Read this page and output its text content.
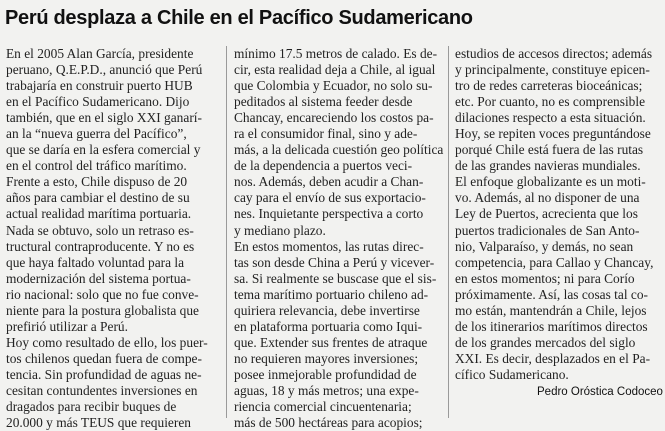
Perú desplaza a Chile en el Pacífico Sudamericano
En el 2005 Alan García, presidente
peruano, Q.E.P.D., anunció que Perú
trabajaría en construir puerto HUB
en el Pacífico Sudamericano. Dijo
también, que en el siglo XXI ganarí-
an la “nueva guerra del Pacífico”,
que se daría en la esfera comercial y
en el control del tráfico marítimo.
Frente a esto, Chile dispuso de 20
años para cambiar el destino de su
actual realidad marítima portuaria.
Nada se obtuvo, solo un retraso es-
tructural contraproducente. Y no es
que haya faltado voluntad para la
modernización del sistema portua-
rio nacional: solo que no fue conve-
niente para la postura globalista que
prefirió utilizar a Perú.
Hoy como resultado de ello, los puer-
tos chilenos quedan fuera de compe-
tencia. Sin profundidad de aguas ne-
cesitan contundentes inversiones en
dragados para recibir buques de
20.000 y más TEUS que requieren
mínimo 17.5 metros de calado. Es de-
cir, esta realidad deja a Chile, al igual
que Colombia y Ecuador, no solo su-
peditados al sistema feeder desde
Chancay, encareciendo los costos pa-
ra el consumidor final, sino y ade-
más, a la delicada cuestión geo política
de la dependencia a puertos veci-
nos. Además, deben acudir a Chan-
cay para el envío de sus exportacio-
nes. Inquietante perspectiva a corto
y mediano plazo.
En estos momentos, las rutas direc-
tas son desde China a Perú y vicever-
sa. Si realmente se buscase que el sis-
tema marítimo portuario chileno ad-
quiriera relevancia, debe invertirse
en plataforma portuaria como Iqui-
que. Extender sus frentes de atraque
no requieren mayores inversiones;
posee inmejorable profundidad de
aguas, 18 y más metros; una expe-
riencia comercial cincuentenaria;
más de 500 hectáreas para acopios;
estudios de accesos directos; además
y principalmente, constituye epicen-
tro de redes carreteras bioceánicas;
etc. Por cuanto, no es comprensible
dilaciones respecto a esta situación.
Hoy, se repiten voces preguntándose
porqué Chile está fuera de las rutas
de las grandes navieras mundiales.
El enfoque globalizante es un moti-
vo. Además, al no disponer de una
Ley de Puertos, acrecienta que los
puertos tradicionales de San Anto-
nio, Valparaíso, y demás, no sean
competencia, para Callao y Chancay,
en estos momentos; ni para Corío
próximamente. Así, las cosas tal co-
mo están, mantendrán a Chile, lejos
de los itinerarios marítimos directos
de los grandes mercados del siglo
XXI. Es decir, desplazados en el Pa-
cífico Sudamericano.
Pedro Oróstica Codoceo
